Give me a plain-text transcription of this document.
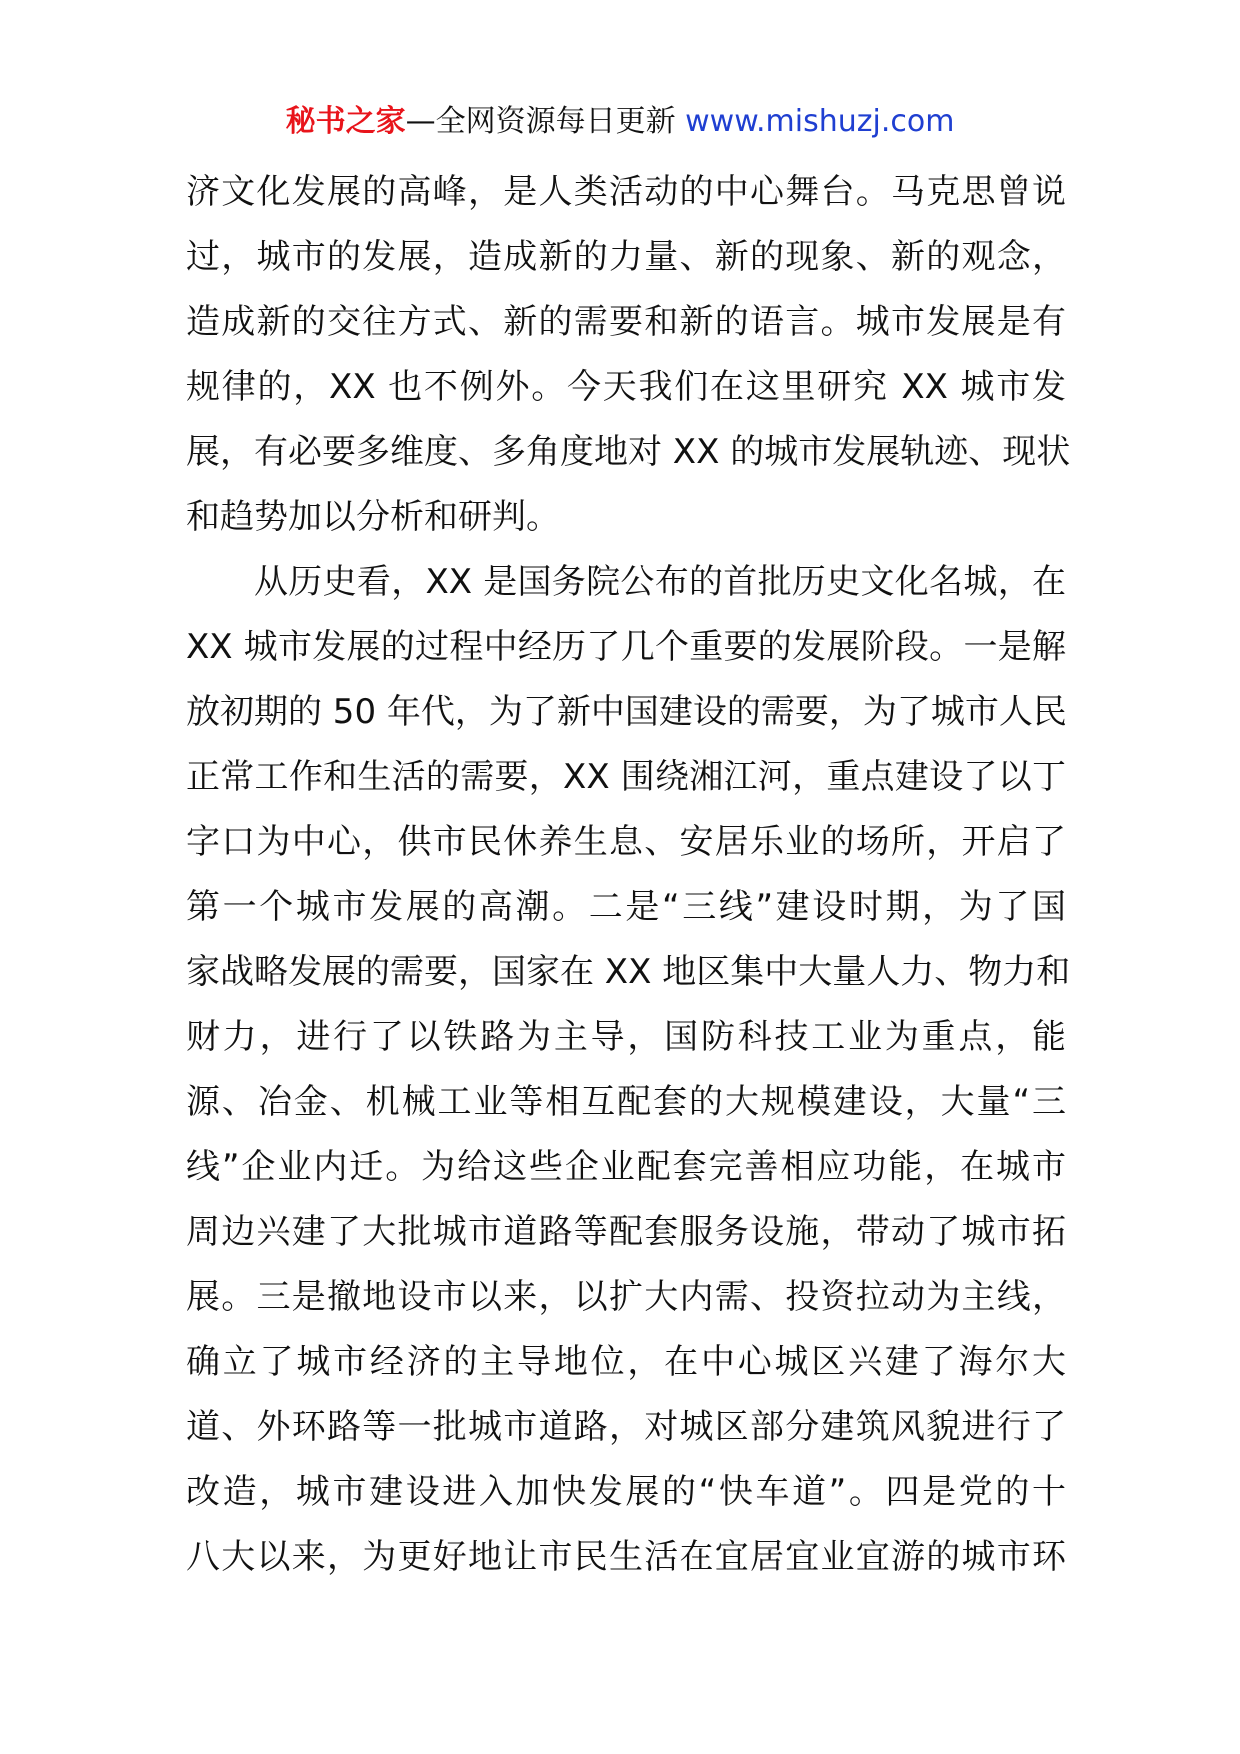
秘书之家—全网资源每日更新 www.mishuzj.com
济文化发展的高峰，是人类活动的中心舞台。马克思曾说
过，城市的发展，造成新的力量、新的现象、新的观念，
造成新的交往方式、新的需要和新的语言。城市发展是有
规律的，XX 也不例外。今天我们在这里研究 XX 城市发
展，有必要多维度、多角度地对 XX 的城市发展轨迹、现状
和趋势加以分析和研判。
从历史看，XX 是国务院公布的首批历史文化名城，在
XX 城市发展的过程中经历了几个重要的发展阶段。一是解
放初期的 50 年代，为了新中国建设的需要，为了城市人民
正常工作和生活的需要，XX 围绕湘江河，重点建设了以丁
字口为中心，供市民休养生息、安居乐业的场所，开启了
第一个城市发展的高潮。二是“三线”建设时期，为了国
家战略发展的需要，国家在 XX 地区集中大量人力、物力和
财力，进行了以铁路为主导，国防科技工业为重点，能
源、冶金、机械工业等相互配套的大规模建设，大量“三
线”企业内迁。为给这些企业配套完善相应功能，在城市
周边兴建了大批城市道路等配套服务设施，带动了城市拓
展。三是撤地设市以来，以扩大内需、投资拉动为主线，
确立了城市经济的主导地位，在中心城区兴建了海尔大
道、外环路等一批城市道路，对城区部分建筑风貌进行了
改造，城市建设进入加快发展的“快车道”。四是党的十
八大以来，为更好地让市民生活在宜居宜业宜游的城市环
